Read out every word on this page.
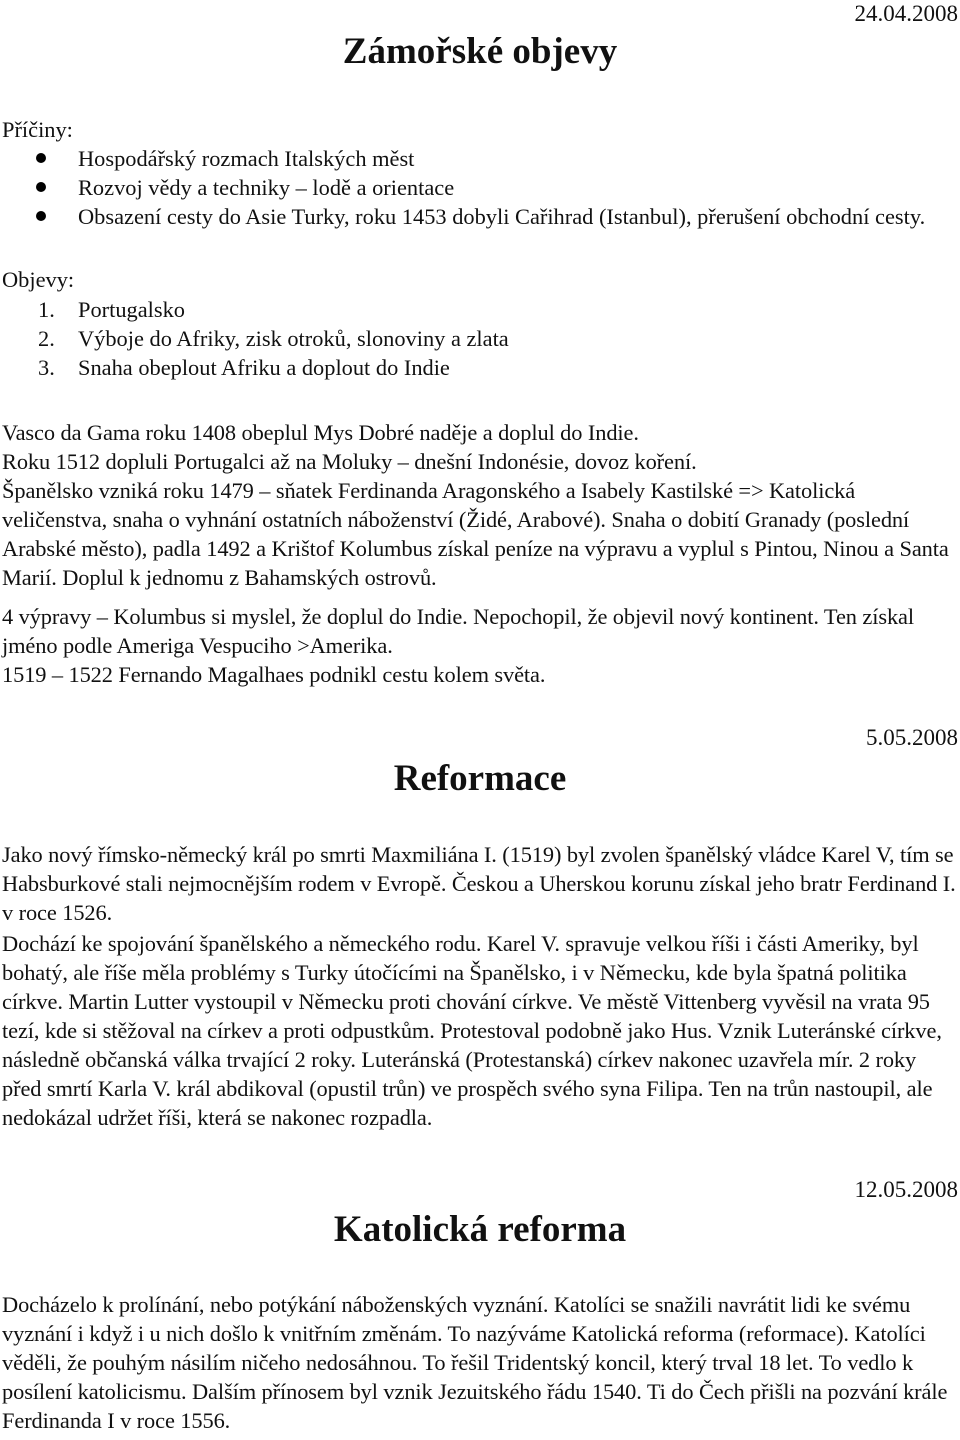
24.04.2008
Zámořské objevy
Příčiny:
Hospodářský rozmach Italských měst
Rozvoj vědy a techniky – lodě a orientace
Obsazení cesty do Asie Turky, roku 1453 dobyli Cařihrad (Istanbul), přerušení obchodní cesty.
Objevy:
1.	Portugalsko
2.	Výboje do Afriky, zisk otroků, slonoviny a zlata
3.	Snaha obeplout Afriku a doplout do Indie

Vasco da Gama roku 1408 obeplul Mys Dobré naděje a doplul do Indie.

Roku 1512 dopluli Portugalci až na Moluky – dnešní Indonésie, dovoz koření.

Španělsko vzniká roku 1479 – sňatek Ferdinanda Aragonského a Isabely Kastilské => Katolická veličenstva, snaha o vyhnání ostatních náboženství (Židé, Arabové). Snaha o dobití Granady (poslední Arabské město), padla 1492 a Krištof Kolumbus získal peníze na výpravu a vyplul s Pintou, Ninou a Santa Marií. Doplul k jednomu z Bahamských ostrovů.

4 výpravy – Kolumbus si myslel, že doplul do Indie. Nepochopil, že objevil nový kontinent. Ten získal jméno podle Ameriga Vespuciho >Amerika.

1519 – 1522 Fernando Magalhaes podnikl cestu kolem světa.

5.05.2008
Reformace

Jako nový římsko-německý král po smrti Maxmiliána I. (1519) byl zvolen španělský vládce Karel V, tím se Habsburkové stali nejmocnějším rodem v Evropě. Českou a Uherskou korunu získal jeho bratr Ferdinand I. v roce 1526.

Dochází ke spojování španělského a německého rodu. Karel V. spravuje velkou říši i části Ameriky, byl bohatý, ale říše měla problémy s Turky útočícími na Španělsko, i v Německu, kde byla špatná politika církve. Martin Lutter vystoupil v Německu proti chování církve. Ve městě Vittenberg vyvěsil na vrata 95 tezí, kde si stěžoval na církev a proti odpustkům. Protestoval podobně jako Hus. Vznik Luteránské církve, následně občanská válka trvající 2 roky. Luteránská (Protestanská) církev nakonec uzavřela mír. 2 roky před smrtí Karla V. král abdikoval (opustil trůn) ve prospěch svého syna Filipa. Ten na trůn nastoupil, ale nedokázal udržet říši, která se nakonec rozpadla.

12.05.2008
Katolická reforma

Docházelo k prolínání, nebo potýkání náboženských vyznání. Katolíci se snažili navrátit lidi ke svému vyznání i když i u nich došlo k vnitřním změnám. To nazýváme Katolická reforma (reformace). Katolíci věděli, že pouhým násilím ničeho nedosáhnou. To řešil Tridentský koncil, který trval 18 let. To vedlo k posílení katolicismu. Dalším přínosem byl vznik Jezuitského řádu 1540. Ti do Čech přišli na pozvání krále Ferdinanda I v roce 1556.
